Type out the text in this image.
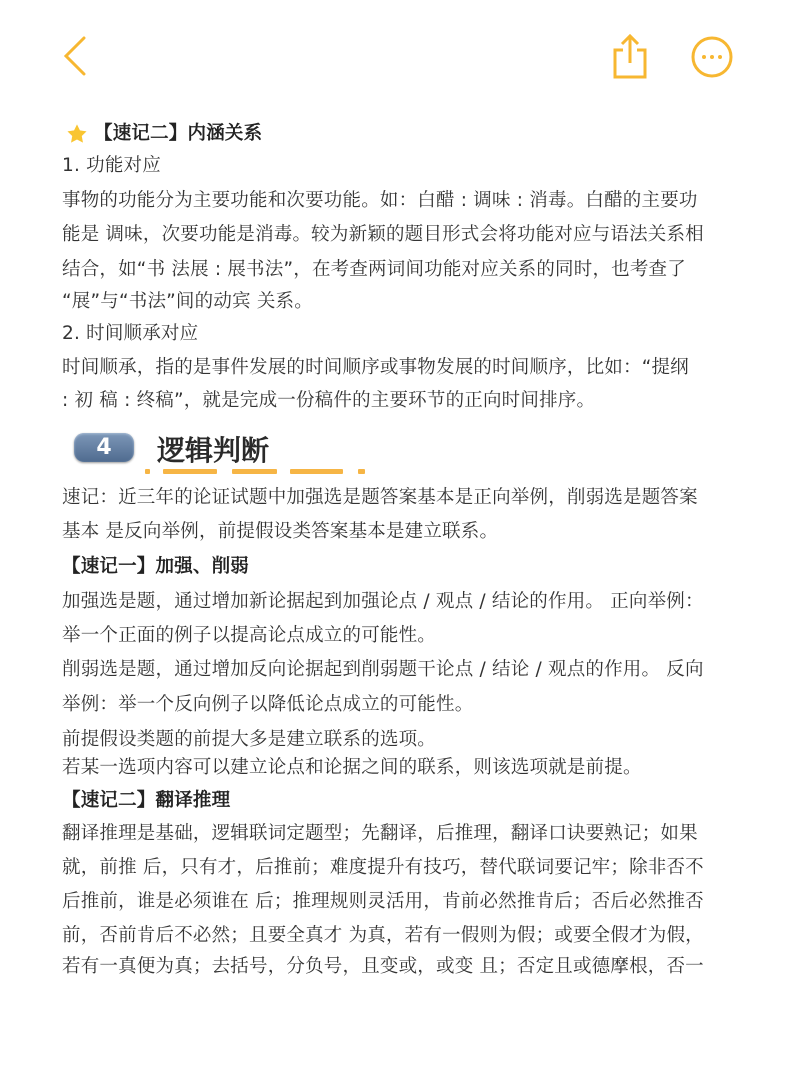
【速记二】内涵关系
1. 功能对应
事物的功能分为主要功能和次要功能。如：白醋 : 调味 : 消毒。白醋的主要功
能是 调味，次要功能是消毒。较为新颖的题目形式会将功能对应与语法关系相
结合，如“书 法展 : 展书法”，在考查两词间功能对应关系的同时，也考查了
“展”与“书法”间的动宾 关系。
2. 时间顺承对应
时间顺承，指的是事件发展的时间顺序或事物发展的时间顺序，比如：“提纲
: 初 稿 : 终稿”，就是完成一份稿件的主要环节的正向时间排序。
4	逻辑判断
速记：近三年的论证试题中加强选是题答案基本是正向举例，削弱选是题答案
基本 是反向举例，前提假设类答案基本是建立联系。
【速记一】加强、削弱
加强选是题，通过增加新论据起到加强论点 / 观点 / 结论的作用。 正向举例：
举一个正面的例子以提高论点成立的可能性。
削弱选是题，通过增加反向论据起到削弱题干论点 / 结论 / 观点的作用。 反向
举例：举一个反向例子以降低论点成立的可能性。
前提假设类题的前提大多是建立联系的选项。
若某一选项内容可以建立论点和论据之间的联系，则该选项就是前提。
【速记二】翻译推理
翻译推理是基础，逻辑联词定题型；先翻译，后推理，翻译口诀要熟记；如果
就，前推 后，只有才，后推前；难度提升有技巧，替代联词要记牢；除非否不
后推前，谁是必须谁在 后；推理规则灵活用，肯前必然推肯后；否后必然推否
前，否前肯后不必然；且要全真才 为真，若有一假则为假；或要全假才为假，
若有一真便为真；去括号，分负号，且变或，或变 且；否定且或德摩根，否一
